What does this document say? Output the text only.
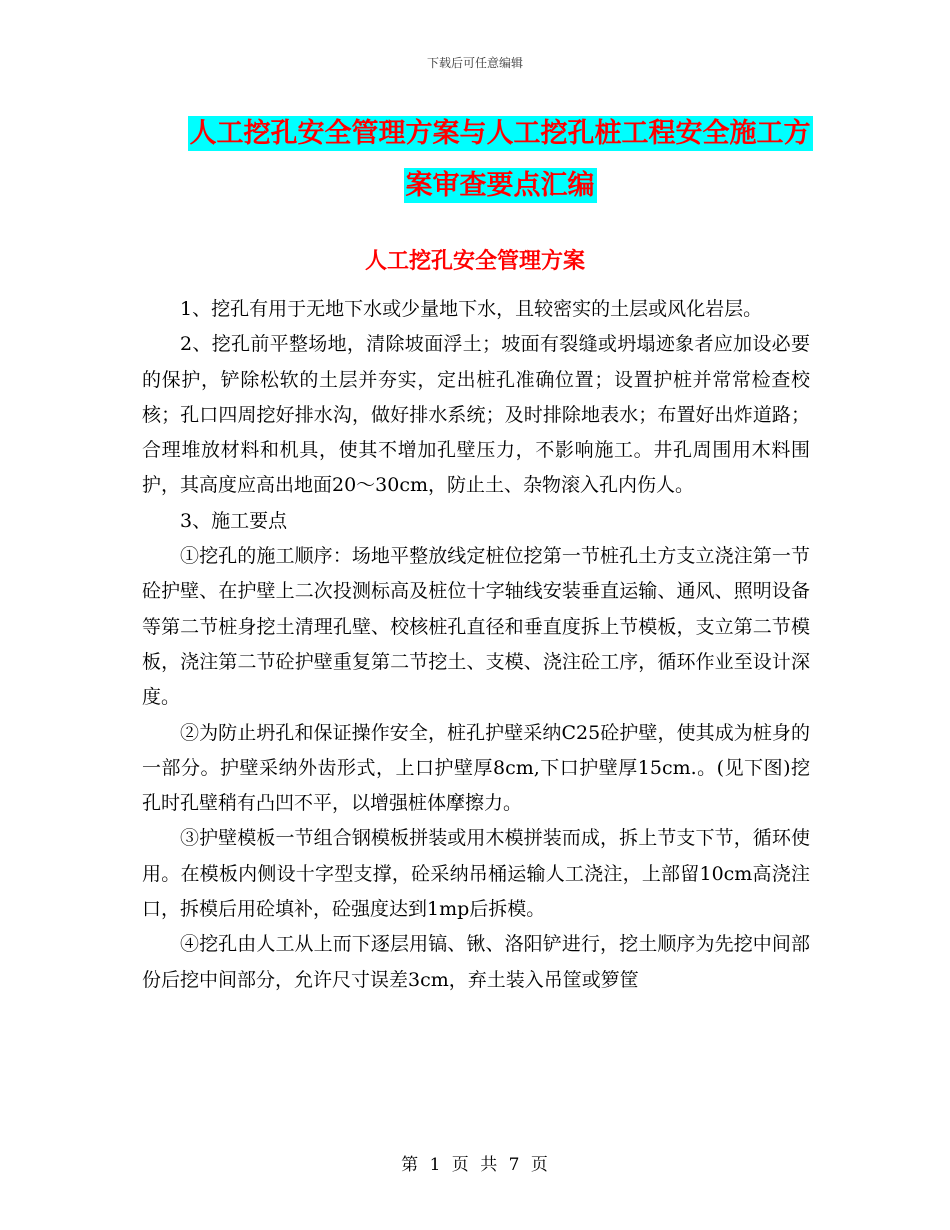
下载后可任意编辑
人工挖孔安全管理方案与人工挖孔桩工程安全施工方
案审查要点汇编
人工挖孔安全管理方案

1、挖孔有用于无地下水或少量地下水，且较密实的土层或风化岩层。

2、挖孔前平整场地，清除坡面浮土；坡面有裂缝或坍塌迹象者应加设必要的保护，铲除松软的土层并夯实，定出桩孔准确位置；设置护桩并常常检查校核；孔口四周挖好排水沟，做好排水系统；及时排除地表水；布置好出炸道路；合理堆放材料和机具，使其不增加孔壁压力，不影响施工。井孔周围用木料围护，其高度应高出地面20～30cm，防止土、杂物滚入孔内伤人。

3、施工要点

①挖孔的施工顺序：场地平整放线定桩位挖第一节桩孔土方支立浇注第一节砼护壁、在护壁上二次投测标高及桩位十字轴线安装垂直运输、通风、照明设备等第二节桩身挖土清理孔壁、校核桩孔直径和垂直度拆上节模板，支立第二节模板，浇注第二节砼护壁重复第二节挖土、支模、浇注砼工序，循环作业至设计深度。

②为防止坍孔和保证操作安全，桩孔护壁采纳C25砼护壁，使其成为桩身的一部分。护壁采纳外齿形式，上口护壁厚8cm,下口护壁厚15cm.。(见下图)挖孔时孔壁稍有凸凹不平，以增强桩体摩擦力。

③护壁模板一节组合钢模板拼装或用木模拼装而成，拆上节支下节，循环使用。在模板内侧设十字型支撑，砼采纳吊桶运输人工浇注，上部留10cm高浇注口，拆模后用砼填补，砼强度达到1mp后拆模。

④挖孔由人工从上而下逐层用镐、锹、洛阳铲进行，挖土顺序为先挖中间部份后挖中间部分，允许尺寸误差3cm，弃土装入吊筐或箩筐

第 1 页 共 7 页
